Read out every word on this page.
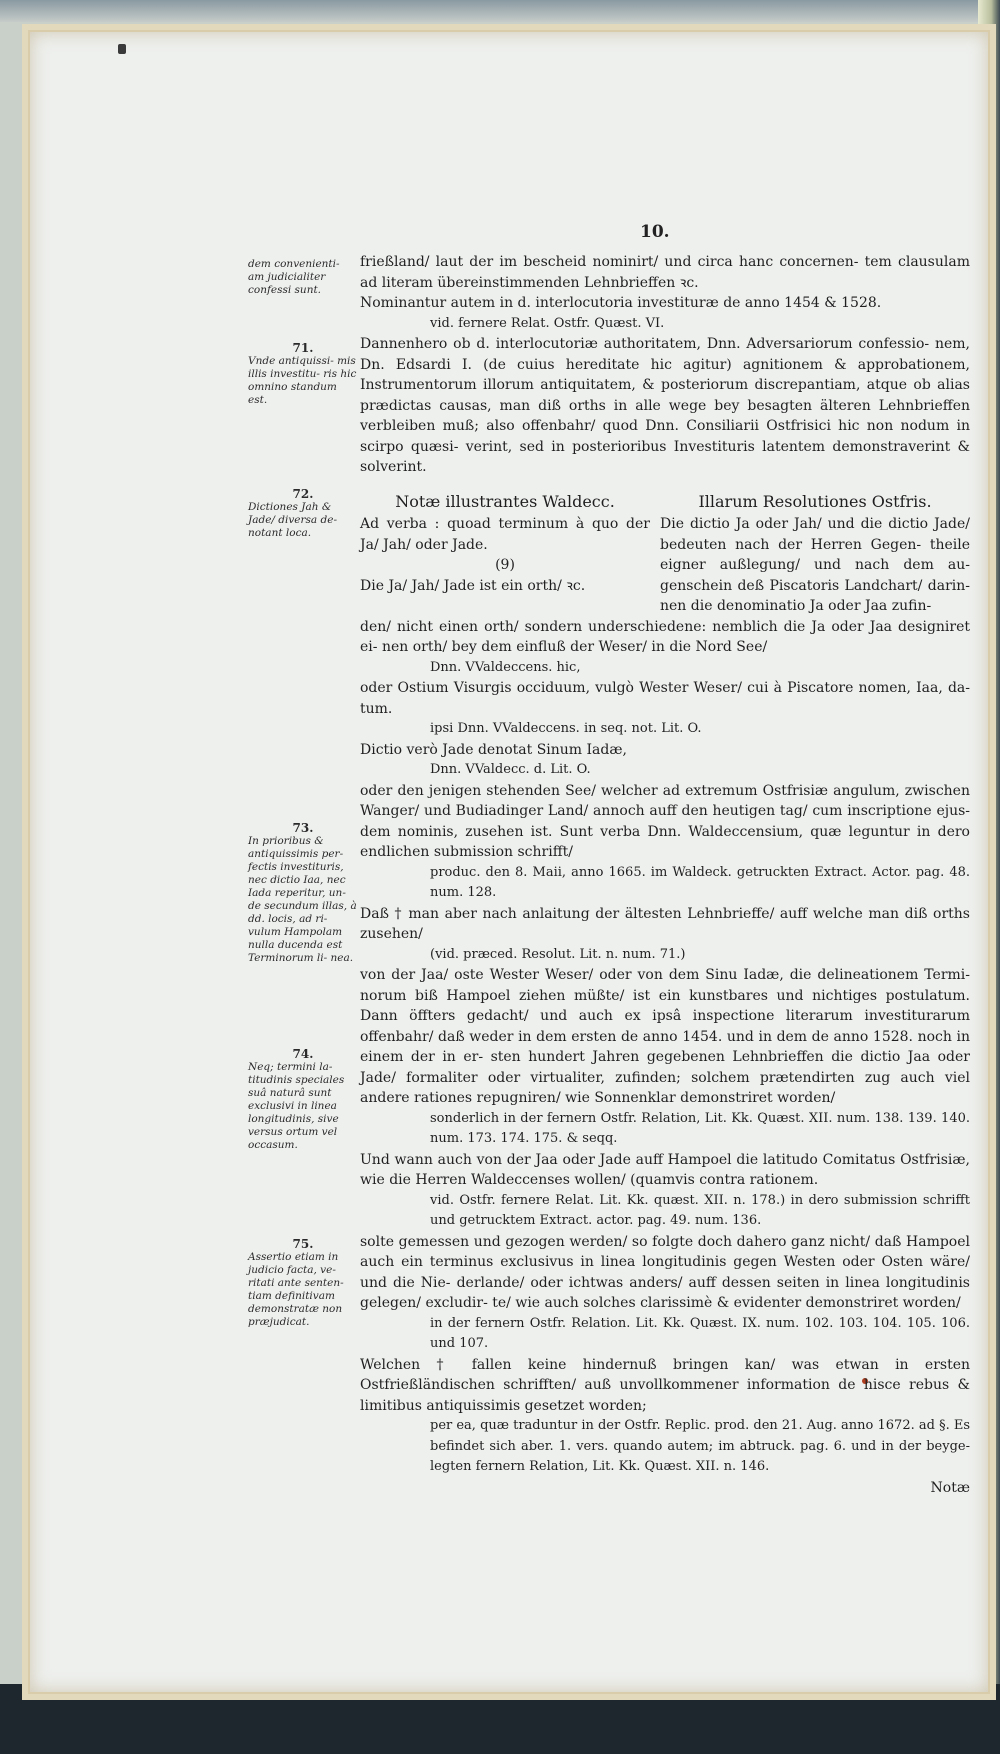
10.
dem convenienti- am judicialiter confessi sunt.
71.
Vnde antiquissi- mis illis investitu- ris hic omnino standum est.
72.
Dictiones Jah & Jade/ diversa de- notant loca.
73.
In prioribus & antiquissimis per- fectis investituris, nec dictio Iaa, nec Iada reperitur, un- de secundum illas, à dd. locis, ad ri- vulum Hampolam nulla ducenda est Terminorum li- nea.
74.
Neq; termini la- titudinis speciales suâ naturâ sunt exclusivi in linea longitudinis, sive versus ortum vel occasum.
75.
Assertio etiam in judicio facta, ve- ritati ante senten- tiam definitivam demonstratæ non præjudicat.

frießland/ laut der im bescheid nominirt/ und circa hanc concernen- tem clausulam ad literam übereinstimmenden Lehnbrieffen ꝛc.

Nominantur autem in d. interlocutoria investituræ de anno 1454 & 1528.

vid. fernere Relat. Ostfr. Quæst. VI.

Dannenhero ob d. interlocutoriæ authoritatem, Dnn. Adversariorum confessio- nem, Dn. Edsardi I. (de cuius hereditate hic agitur) agnitionem & approbationem, Instrumentorum illorum antiquitatem, & posteriorum discrepantiam, atque ob alias prædictas causas, man diß orths in alle wege bey besagten älteren Lehnbrieffen verbleiben muß; also offenbahr/ quod Dnn. Consiliarii Ostfrisici hic non nodum in scirpo quæsi- verint, sed in posterioribus Investituris latentem demonstraverint & solverint.

Notæ illustrantes Waldecc.

Ad verba : quoad terminum à quo der Ja/ Jah/ oder Jade.

(9)

Die Ja/ Jah/ Jade ist ein orth/ ꝛc.

Illarum Resolutiones Ostfris.

Die dictio Ja oder Jah/ und die dictio Jade/ bedeuten nach der Herren Gegen- theile eigner außlegung/ und nach dem au- genschein deß Piscatoris Landchart/ darin- nen die denominatio Ja oder Jaa zufin-

den/ nicht einen orth/ sondern underschiedene: nemblich die Ja oder Jaa designiret ei- nen orth/ bey dem einfluß der Weser/ in die Nord See/

Dnn. VValdeccens. hic,

oder Ostium Visurgis occiduum, vulgò Wester Weser/ cui à Piscatore nomen, Iaa, da- tum.

ipsi Dnn. VValdeccens. in seq. not. Lit. O.

Dictio verò Jade denotat Sinum Iadæ,

Dnn. VValdecc. d. Lit. O.

oder den jenigen stehenden See/ welcher ad extremum Ostfrisiæ angulum, zwischen Wanger/ und Budiadinger Land/ annoch auff den heutigen tag/ cum inscriptione ejus- dem nominis, zusehen ist. Sunt verba Dnn. Waldeccensium, quæ leguntur in dero endlichen submission schrifft/

produc. den 8. Maii, anno 1665. im Waldeck. getruckten Extract. Actor. pag. 48. num. 128.

Daß † man aber nach anlaitung der ältesten Lehnbrieffe/ auff welche man diß orths zusehen/

(vid. præced. Resolut. Lit. n. num. 71.)

von der Jaa/ oste Wester Weser/ oder von dem Sinu Iadæ, die delineationem Termi- norum biß Hampoel ziehen müßte/ ist ein kunstbares und nichtiges postulatum. Dann öffters gedacht/ und auch ex ipsâ inspectione literarum investiturarum offenbahr/ daß weder in dem ersten de anno 1454. und in dem de anno 1528. noch in einem der in er- sten hundert Jahren gegebenen Lehnbrieffen die dictio Jaa oder Jade/ formaliter oder virtualiter, zufinden; solchem prætendirten zug auch viel andere rationes repugniren/ wie Sonnenklar demonstriret worden/

sonderlich in der fernern Ostfr. Relation, Lit. Kk. Quæst. XII. num. 138. 139. 140. num. 173. 174. 175. & seqq.

Und wann auch von der Jaa oder Jade auff Hampoel die latitudo Comitatus Ostfrisiæ, wie die Herren Waldeccenses wollen/ (quamvis contra rationem.

vid. Ostfr. fernere Relat. Lit. Kk. quæst. XII. n. 178.) in dero submission schrifft und getrucktem Extract. actor. pag. 49. num. 136.

solte gemessen und gezogen werden/ so folgte doch dahero ganz nicht/ daß Hampoel auch ein terminus exclusivus in linea longitudinis gegen Westen oder Osten wäre/ und die Nie- derlande/ oder ichtwas anders/ auff dessen seiten in linea longitudinis gelegen/ excludir- te/ wie auch solches clarissimè & evidenter demonstriret worden/

in der fernern Ostfr. Relation. Lit. Kk. Quæst. IX. num. 102. 103. 104. 105. 106. und 107.

Welchen † fallen keine hindernuß bringen kan/ was etwan in ersten Ostfrießländischen schrifften/ auß unvollkommener information de hisce rebus & limitibus antiquissimis gesetzet worden;

per ea, quæ traduntur in der Ostfr. Replic. prod. den 21. Aug. anno 1672. ad §. Es befindet sich aber. 1. vers. quando autem; im abtruck. pag. 6. und in der beyge- legten fernern Relation, Lit. Kk. Quæst. XII. n. 146.

Notæ
